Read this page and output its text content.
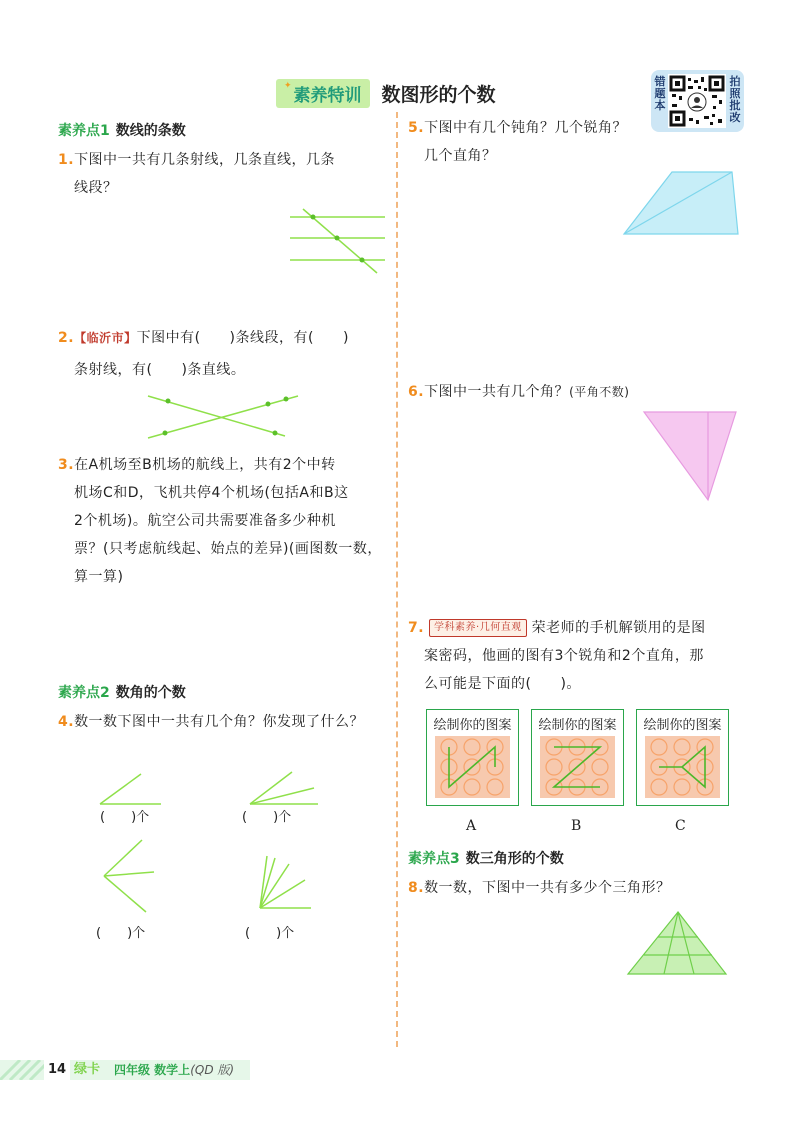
✦ 素养特训	数图形的个数
错题本
拍照批改
素养点1 数线的条数
1.下图中一共有几条射线，几条直线，几条
线段？
2.【临沂市】下图中有(　　)条线段，有(　　)
条射线，有(　　)条直线。
3.在A机场至B机场的航线上，共有2个中转
机场C和D，飞机共停4个机场(包括A和B这
2个机场)。航空公司共需要准备多少种机
票？(只考虑航线起、始点的差异)(画图数一数，
算一算)
素养点2 数角的个数
4.数一数下图中一共有几个角？你发现了什么？
(　　)个	(　　)个
(　　)个	(　　)个
5.下图中有几个钝角？几个锐角？
几个直角？
6.下图中一共有几个角？(平角不数)
7. 学科素养·几何直观 荣老师的手机解锁用的是图
案密码，他画的图有3个锐角和2个直角，那
么可能是下面的(　　)。
绘制你的图案	绘制你的图案	绘制你的图案
A	B	C
素养点3 数三角形的个数
8.数一数，下图中一共有多少个三角形？
14 绿卡 四年级 数学上(QD 版)
